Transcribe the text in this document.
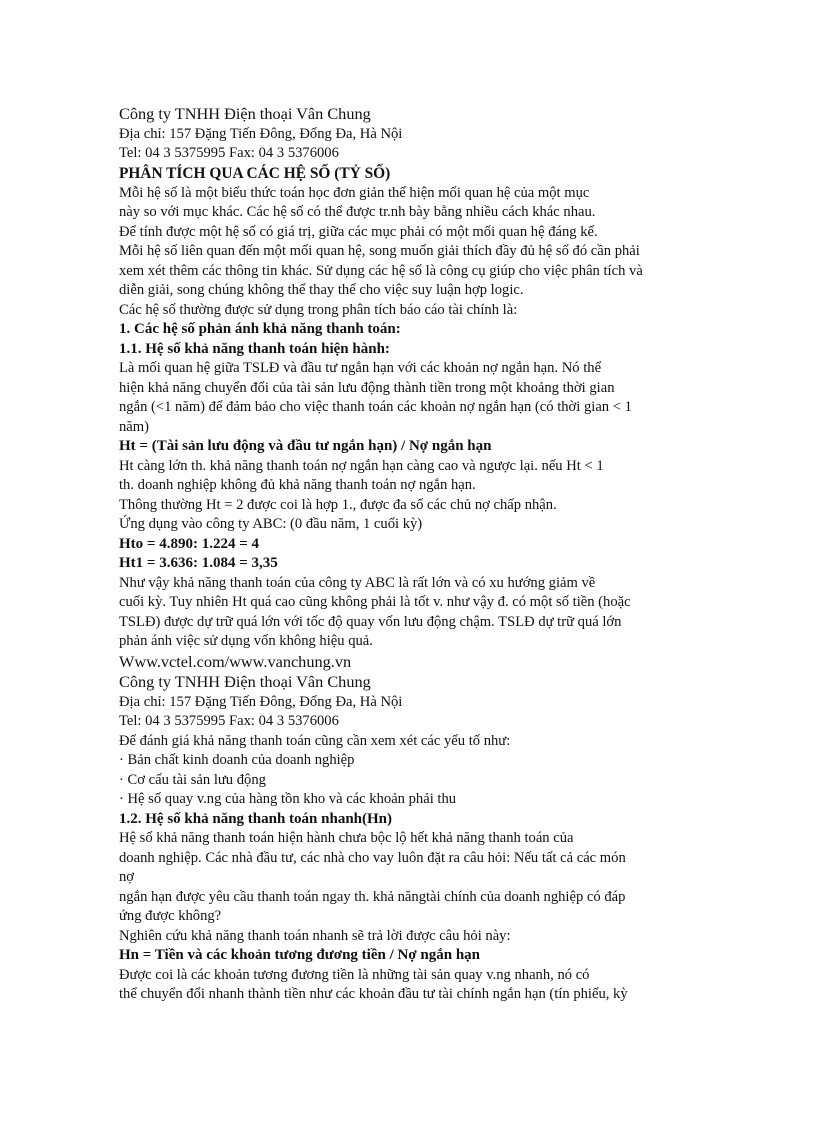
Công ty TNHH Điện thoại Vân Chung
Địa chỉ: 157 Đặng Tiến Đông, Đống Đa, Hà Nội
Tel: 04 3 5375995 Fax: 04 3 5376006
PHÂN TÍCH QUA CÁC HỆ SỐ (TỶ SỐ)
Mỗi hệ số là một biểu thức toán học đơn giản thể hiện mối quan hệ của một mục
này so với mục khác. Các hệ số có thể được tr.nh bày bằng nhiều cách khác nhau.
Để tính được một hệ số có giá trị, giữa các mục phải có một mối quan hệ đáng kể.
Mỗi hệ số liên quan đến một mối quan hệ, song muốn giải thích đầy đủ hệ số đó cần phải
xem xét thêm các thông tin khác. Sử dụng các hệ số là công cụ giúp cho việc phân tích và
diễn giải, song chúng không thể thay thế cho việc suy luận hợp logic.
Các hệ số thường được sử dụng trong phân tích báo cáo tài chính là:
1. Các hệ số phản ánh khả năng thanh toán:
1.1. Hệ số khả năng thanh toán hiện hành:
Là mối quan hệ giữa TSLĐ và đầu tư ngắn hạn với các khoản nợ ngắn hạn. Nó thể
hiện khả năng chuyển đổi của tài sản lưu động thành tiền trong một khoảng thời gian
ngắn (<1 năm) để đảm bảo cho việc thanh toán các khoản nợ ngắn hạn (có thời gian < 1
năm)
Ht = (Tài sản lưu động và đầu tư ngắn hạn) / Nợ ngắn hạn
Ht càng lớn th. khả năng thanh toán nợ ngắn hạn càng cao và ngược lại. nếu Ht < 1
th. doanh nghiệp không đủ khả năng thanh toán nợ ngắn hạn.
Thông thường Ht = 2 được coi là hợp 1., được đa số các chủ nợ chấp nhận.
Ứng dụng vào công ty ABC: (0 đầu năm, 1 cuối kỳ)
Hto = 4.890: 1.224 = 4
Ht1 = 3.636: 1.084 = 3,35
Như vậy khả năng thanh toán của công ty ABC là rất lớn và có xu hướng giảm về
cuối kỳ. Tuy nhiên Ht quá cao cũng không phải là tốt v. như vậy đ. có một số tiền (hoặc
TSLĐ) được dự trữ quá lớn với tốc độ quay vốn lưu động chậm. TSLĐ dự trữ quá lớn
phản ánh việc sử dụng vốn không hiệu quả.
Www.vctel.com/www.vanchung.vn
Công ty TNHH Điện thoại Vân Chung
Địa chỉ: 157 Đặng Tiến Đông, Đống Đa, Hà Nội
Tel: 04 3 5375995 Fax: 04 3 5376006
Để đánh giá khả năng thanh toán cũng cần xem xét các yếu tố như:
· Bản chất kinh doanh của doanh nghiệp
· Cơ cấu tài sản lưu động
· Hệ số quay v.ng của hàng tồn kho và các khoản phải thu
1.2. Hệ số khả năng thanh toán nhanh(Hn)
Hệ số khả năng thanh toán hiện hành chưa bộc lộ hết khả năng thanh toán của
doanh nghiệp. Các nhà đầu tư, các nhà cho vay luôn đặt ra câu hỏi: Nếu tất cả các món
nợ
ngắn hạn được yêu cầu thanh toán ngay th. khả năngtài chính của doanh nghiệp có đáp
ứng được không?
Nghiên cứu khả năng thanh toán nhanh sẽ trả lời được câu hỏi này:
Hn = Tiền và các khoản tương đương tiền / Nợ ngắn hạn
Được coi là các khoản tương đương tiền là những tài sản quay v.ng nhanh, nó có
thể chuyển đổi nhanh thành tiền như các khoản đầu tư tài chính ngắn hạn (tín phiếu, kỳ
